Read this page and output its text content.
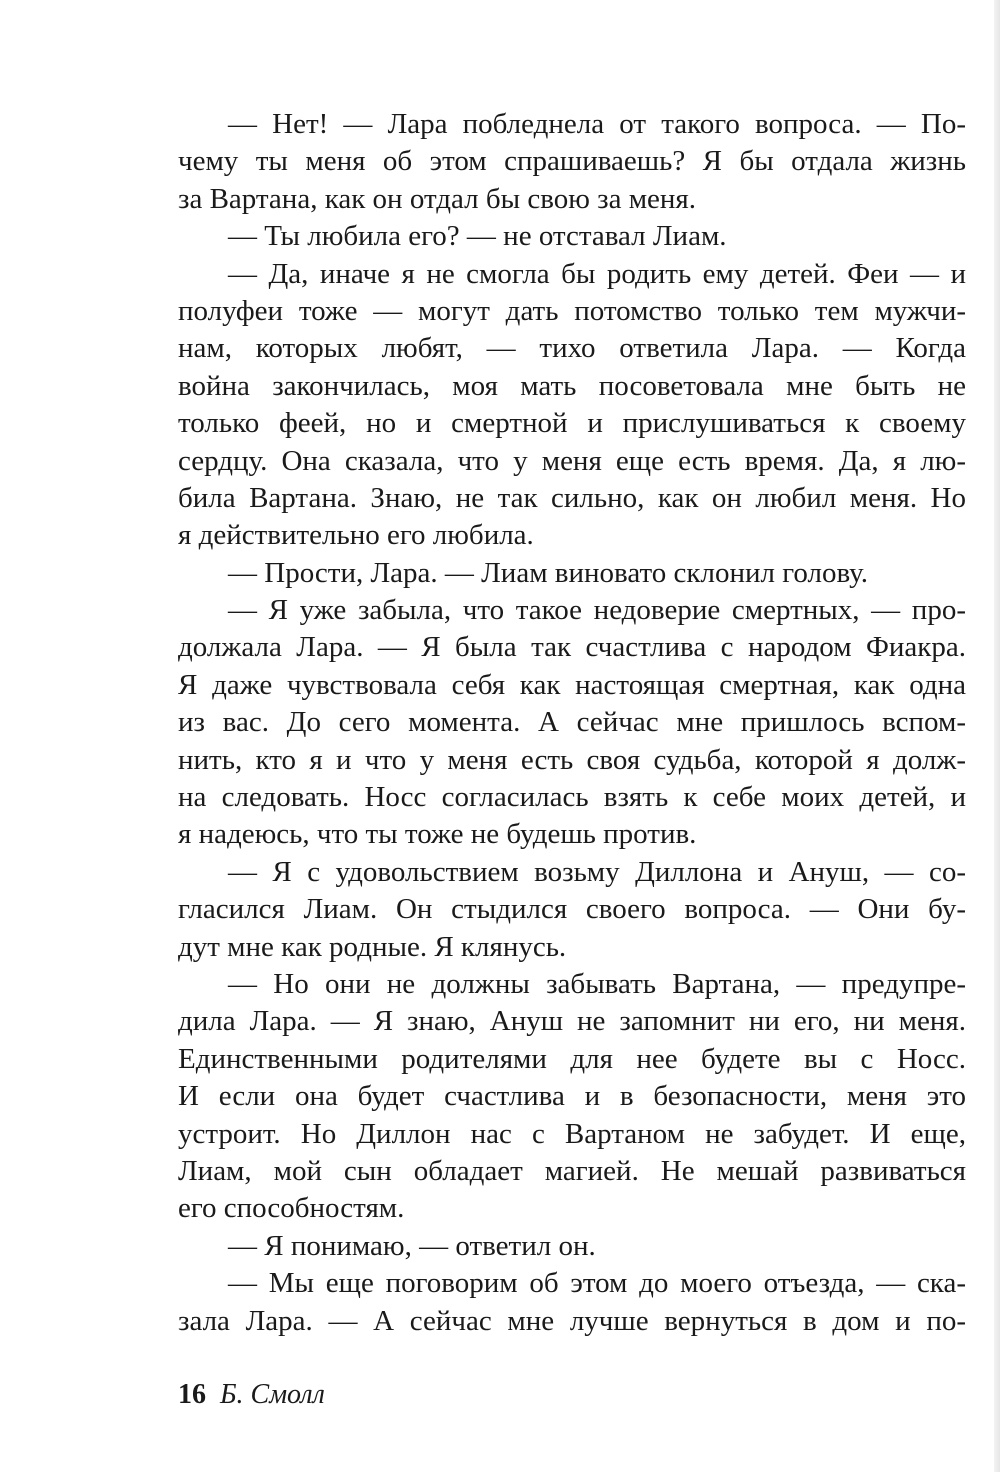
— Нет! — Лара побледнела от такого вопроса. — По-
чему ты меня об этом спрашиваешь? Я бы отдала жизнь
за Вартана, как он отдал бы свою за меня.
— Ты любила его? — не отставал Лиам.
— Да, иначе я не смогла бы родить ему детей. Феи — и
полуфеи тоже — могут дать потомство только тем мужчи-
нам, которых любят, — тихо ответила Лара. — Когда
война закончилась, моя мать посоветовала мне быть не
только феей, но и смертной и прислушиваться к своему
сердцу. Она сказала, что у меня еще есть время. Да, я лю-
била Вартана. Знаю, не так сильно, как он любил меня. Но
я действительно его любила.
— Прости, Лара. — Лиам виновато склонил голову.
— Я уже забыла, что такое недоверие смертных, — про-
должала Лара. — Я была так счастлива с народом Фиакра.
Я даже чувствовала себя как настоящая смертная, как одна
из вас. До сего момента. А сейчас мне пришлось вспом-
нить, кто я и что у меня есть своя судьба, которой я долж-
на следовать. Носс согласилась взять к себе моих детей, и
я надеюсь, что ты тоже не будешь против.
— Я с удовольствием возьму Диллона и Ануш, — со-
гласился Лиам. Он стыдился своего вопроса. — Они бу-
дут мне как родные. Я клянусь.
— Но они не должны забывать Вартана, — предупре-
дила Лара. — Я знаю, Ануш не запомнит ни его, ни меня.
Единственными родителями для нее будете вы с Носс.
И если она будет счастлива и в безопасности, меня это
устроит. Но Диллон нас с Вартаном не забудет. И еще,
Лиам, мой сын обладает магией. Не мешай развиваться
его способностям.
— Я понимаю, — ответил он.
— Мы еще поговорим об этом до моего отъезда, — ска-
зала Лара. — А сейчас мне лучше вернуться в дом и по-
16 Б. Смолл
